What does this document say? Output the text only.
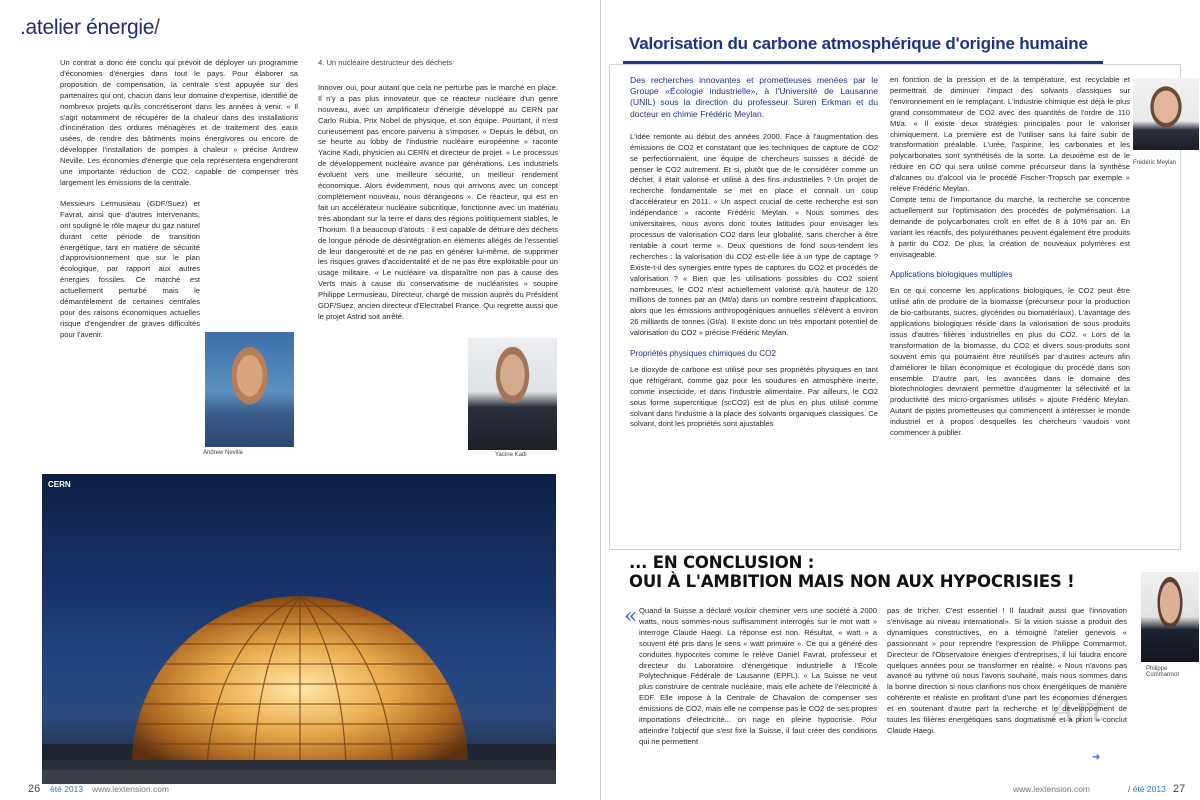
.atelier énergie/

Un contrat a donc été conclu qui prévoit de déployer un programme d'économies d'énergies dans tout le pays. Pour élaborer sa proposition de compensation, la centrale s'est appuyée sur des partenaires qui ont, chacun dans leur domaine d'expertise, identifié de nombreux projets qu'ils concrétiseront dans les années à venir. « Il s'agit notamment de récupérer de la chaleur dans des installations d'incinération des ordures ménagères et de traitement des eaux usées, de rendre des bâtiments moins énergivores ou encore de développer l'installation de pompes à chaleur » précise Andrew Neville. Les économies d'énergie que cela représentera engendreront une importante réduction de CO2, capable de compenser très largement les émissions de la centrale.

Messieurs Lermusieau (GDF/Suez) et Favrat, ainsi que d'autres intervenants, ont souligné le rôle majeur du gaz naturel durant cette période de transition énergétique, tant en matière de sécurité d'approvisionnement que sur le plan écologique, par rapport aux autres énergies fossiles. Ce marché est actuellement perturbé mais le démantèlement de certaines centrales pour des raisons économiques actuelles risque d'engendrer de graves difficultés pour l'avenir.

4. Un nucléaire destructeur des déchets

Innover oui, pour autant que cela ne perturbe pas le marché en place. Il n'y a pas plus innovateur que ce réacteur nucléaire d'un genre nouveau, avec un amplificateur d'énergie développé au CERN par Carlo Rubia, Prix Nobel de physique, et son équipe. Pourtant, il n'est curieusement pas encore parvenu à s'imposer. « Depuis le début, on se heurte au lobby de l'industrie nucléaire européenne » raconte Yacine Kadi, physicien au CERN et directeur de projet. « Le processus de développement nucléaire avance par générations. Les industriels évoluent vers une meilleure sécurité, un meilleur rendement économique. Alors évidemment, nous qui arrivons avec un concept complètement nouveau, nous dérangeons ». Ce réacteur, qui est en fait un accélérateur nucléaire subcritique, fonctionne avec un matériau très abondant sur la terre et dans des régions politiquement stables, le Thorium. Il a beaucoup d'atouts : il est capable de détruire des déchets de longue période de désintégration en éléments allégés de l'essentiel de leur dangerosité et de ne pas en générer lui-même, de supprimer les risques graves d'accidentalité et de ne pas être exploitable pour un usage militaire. « Le nucléaire va disparaître non pas à cause des Verts mais à cause du conservatisme de nucléaristes » soupire Philippe Lermusieau, Directeur, chargé de mission auprès du Président GDF/Suez, ancien directeur d'Electrabel France. Qui regrette aussi que le projet Astrid soit arrêté.

Andrew Neville	Yacine Kadi
CERN
26 été 2013 www.lextension.com
Valorisation du carbone atmosphérique d'origine humaine
Des recherches innovantes et prometteuses menées par le Groupe «Écologie industrielle», à l'Université de Lausanne (UNIL) sous la direction du professeur Suren Erkman et du docteur en chimie Frédéric Meylan.

L'idée remonte au début des années 2000. Face à l'augmentation des émissions de CO2 et constatant que les techniques de capture de CO2 se perfectionnaient, une équipe de chercheurs suisses a décidé de penser le CO2 autrement. Et si, plutôt que de le considérer comme un déchet, il était valorisé et utilisé à des fins industrielles ? Un projet de recherche fondamentale se met en place et connaît un coup d'accélérateur en 2011. « Un aspect crucial de cette recherche est son indépendance » raconte Frédéric Meylan. « Nous sommes des universitaires, nous avons donc toutes latitudes pour envisager les processus de valorisation CO2 dans leur globalité, sans chercher à être rentable à court terme ». Deux questions de fond sous-tendent les recherches : la valorisation du CO2 est-elle liée à un type de captage ? Existe-t-il des synergies entre types de captures du CO2 et procédés de valorisation ? « Bien que les utilisations possibles du CO2 soient nombreuses, le CO2 n'est actuellement valorisé qu'à hauteur de 120 millions de tonnes par an (Mt/a) dans un nombre restreint d'applications, alors que les émissions anthropogéniques annuelles s'élèvent à environ 26 milliards de tonnes (Gt/a). Il existe donc un très important potentiel de valorisation du CO2 » précise Frédéric Meylan.

Propriétés physiques chimiques du CO2

Le dioxyde de carbone est utilisé pour ses propriétés physiques en tant que réfrigérant, comme gaz pour les soudures en atmosphère inerte, comme insecticide, et dans l'industrie alimentaire. Par ailleurs, le CO2 sous forme supercritique (scCO2) est de plus en plus utilisé comme solvant dans l'industrie à la place des solvants organiques classiques. Ce solvant, dont les propriétés sont ajustables

en fonction de la pression et de la température, est recyclable et permettrait de diminuer l'impact des solvants classiques sur l'environnement en le remplaçant. L'industrie chimique est déjà le plus grand consommateur de CO2 avec des quantités de l'ordre de 110 Mt/a. « Il existe deux stratégies principales pour le valoriser chimiquement. La première est de l'utiliser sans lui faire subir de transformation préalable. L'urée, l'aspirine, les carbonates et les polycarbonates sont synthétisés de la sorte. La deuxième est de le réduire en CO qui sera utilisé comme précurseur dans la synthèse d'alcanes ou d'alcool via le procédé Fischer-Tropsch par exemple » relève Frédéric Meylan.

Compte tenu de l'importance du marché, la recherche se concentre actuellement sur l'optimisation des procédés de polymérisation. La demande de polycarbonates croît en effet de 8 à 10% par an. En variant les réactifs, des polyuréthanes peuvent également être produits à partir du CO2. De plus, la création de nouveaux polymères est envisageable.

Applications biologiques multiples

En ce qui concerne les applications biologiques, le CO2 peut être utilisé afin de produire de la biomasse (précurseur pour la production de bio-carburants, sucres, glycérides ou biomatériaux). L'avantage des applications biologiques réside dans la valorisation de sous produits issus d'autres filières industrielles en plus du CO2. « Lors de la transformation de la biomasse, du CO2 et divers sous-produits sont souvent émis qui pourraient être réutilisés par d'autres acteurs afin d'améliorer le bilan économique et écologique du procédé dans son ensemble. D'autre part, les avancées dans le domaine des biotechnologies devraient permettre d'augmenter la sélectivité et la productivité des micro-organismes utilisés » ajoute Frédéric Meylan. Autant de pistes prometteuses qui commencent à intéresser le monde industriel et à propos desquelles les chercheurs vaudois vont commencer à publier.

Frédéric Meylan
... EN CONCLUSION :
OUI À L'AMBITION MAIS NON AUX HYPOCRISIES !
« Quand la Suisse a déclaré vouloir cheminer vers une société à 2000 watts, nous sommes-nous suffisamment interrogés sur le mot watt » interroge Claude Haegi. La réponse est non. Résultat, « watt » a souvent été pris dans le sens « watt primaire ». Ce qui a généré des conduites hypocrites comme le relève Daniel Favrat, professeur et directeur du Laboratoire d'énergétique industrielle à l'École Polytechnique Fédérale de Lausanne (EPFL). « La Suisse ne veut plus construire de centrale nucléaire, mais elle achète de l'électricité à EDF. Elle impose à la Centrale de Chavalon de compenser ses émissions de CO2, mais elle ne compense pas le CO2 de ses propres importations d'électricité... on nage en pleine hypocrisie. Pour atteindre l'objectif que s'est fixé la Suisse, il faut créer des conditions qui ne permettent

pas de tricher. C'est essentiel ! Il faudrait aussi que l'innovation s'envisage au niveau international». Si la vision suisse a produit des dynamiques constructives, en a témoigné l'atelier genevois « passionnant » pour reprendre l'expression de Philippe Commarmot, Directeur de l'Observatoire énergies d'entreprises, il lui faudra encore quelques années pour se transformer en réalité. « Nous n'avons pas avancé au rythme où nous l'avons souhaité, mais nous sommes dans la bonne direction si nous clarifions nos choix énergétiques de manière cohérente et réaliste en profitant d'une part les économies d'énergies et en soutenant d'autre part la recherche et le développement de toutes les filières énergétiques sans dogmatisme et a priori » conclut Claude Haegi.

Philippe Commarmot
➜
Art
www.lextension.com	/ été 2013 27
